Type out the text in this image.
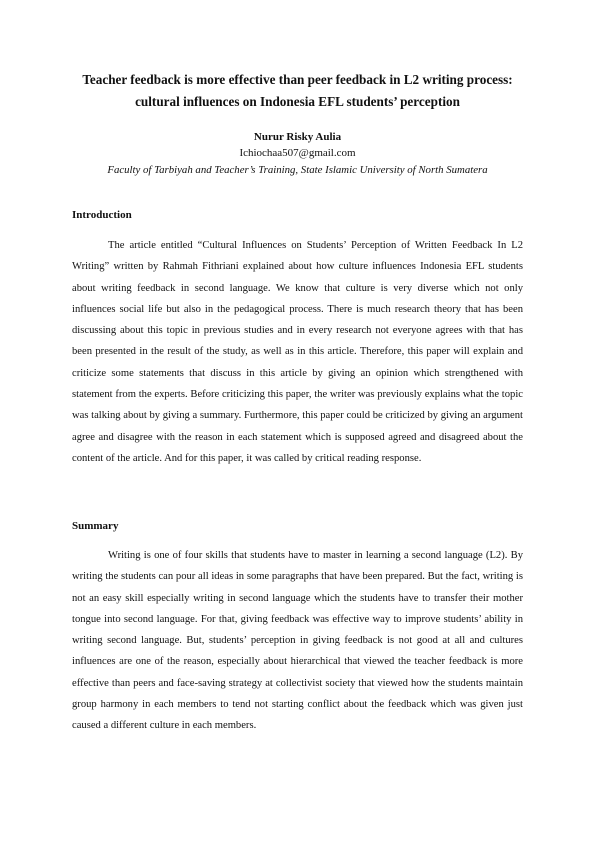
Teacher feedback is more effective than peer feedback in L2 writing process: cultural influences on Indonesia EFL students’ perception
Nurur Risky Aulia
Ichiochaa507@gmail.com
Faculty of Tarbiyah and Teacher’s Training, State Islamic University of North Sumatera
Introduction

The article entitled “Cultural Influences on Students’ Perception of Written Feedback In L2 Writing” written by Rahmah Fithriani explained about how culture influences Indonesia EFL students about writing feedback in second language. We know that culture is very diverse which not only influences social life but also in the pedagogical process. There is much research theory that has been discussing about this topic in previous studies and in every research not everyone agrees with that has been presented in the result of the study, as well as in this article. Therefore, this paper will explain and criticize some statements that discuss in this article by giving an opinion which strengthened with statement from the experts. Before criticizing this paper, the writer was previously explains what the topic was talking about by giving a summary. Furthermore, this paper could be criticized by giving an argument agree and disagree with the reason in each statement which is supposed agreed and disagreed about the content of the article. And for this paper, it was called by critical reading response.

Summary

Writing is one of four skills that students have to master in learning a second language (L2). By writing the students can pour all ideas in some paragraphs that have been prepared. But the fact, writing is not an easy skill especially writing in second language which the students have to transfer their mother tongue into second language. For that, giving feedback was effective way to improve students’ ability in writing second language. But, students’ perception in giving feedback is not good at all and cultures influences are one of the reason, especially about hierarchical that viewed the teacher feedback is more effective than peers and face-saving strategy at collectivist society that viewed how the students maintain group harmony in each members to tend not starting conflict about the feedback which was given just caused a different culture in each members.
